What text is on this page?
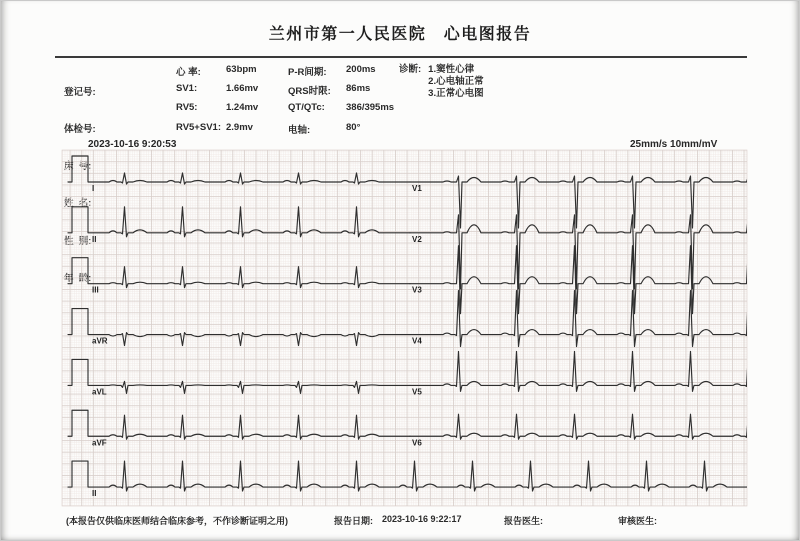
兰州市第一人民医院　心电图报告

登记号:

体检号:

心 率:	63bpm
SV1:	1.66mv
RV5:	1.24mv
RV5+SV1: 2.9mv
P-R间期:	200ms
QRS时限:	86ms
QT/QTc:	386/395ms
电轴:	80°
诊断: 1.窦性心律
2.心电轴正常
3.正常心电图
2023-10-16 9:20:53	25mm/s 10mm/mV
I
II
III
aVR
aVL
aVF
V1
V2
V3
V4
V5
V6
II
(本报告仅供临床医师结合临床参考，不作诊断证明之用)	报告日期: 2023-10-16 9:22:17	报告医生:	审核医生:
